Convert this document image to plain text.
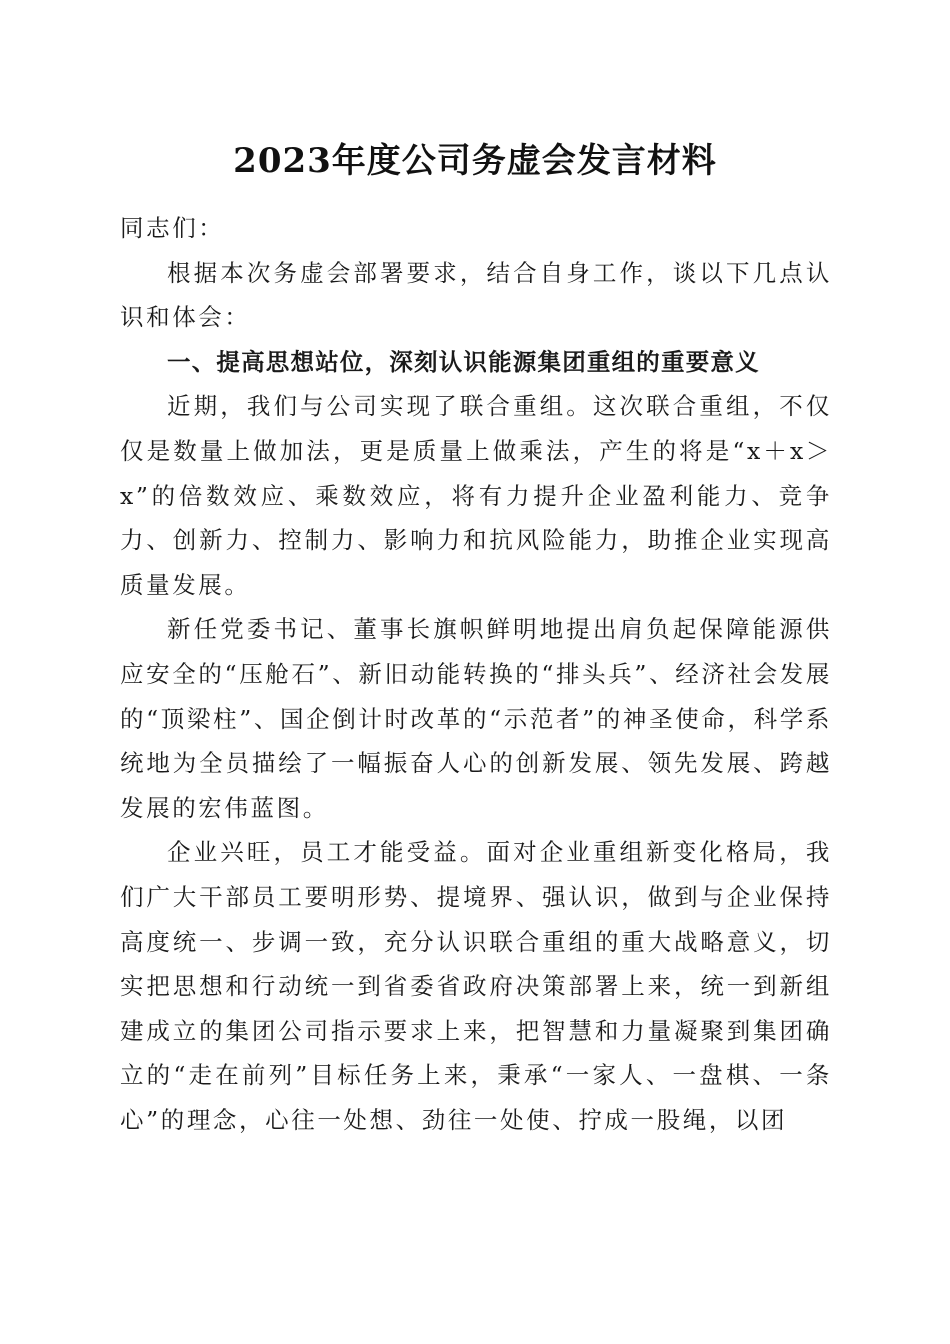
2023年度公司务虚会发言材料

同志们：

根据本次务虚会部署要求，结合自身工作，谈以下几点认识和体会：

一、提高思想站位，深刻认识能源集团重组的重要意义

近期，我们与公司实现了联合重组。这次联合重组，不仅仅是数量上做加法，更是质量上做乘法，产生的将是“x＋x＞x”的倍数效应、乘数效应，将有力提升企业盈利能力、竞争力、创新力、控制力、影响力和抗风险能力，助推企业实现高质量发展。

新任党委书记、董事长旗帜鲜明地提出肩负起保障能源供应安全的“压舱石”、新旧动能转换的“排头兵”、经济社会发展的“顶梁柱”、国企倒计时改革的“示范者”的神圣使命，科学系统地为全员描绘了一幅振奋人心的创新发展、领先发展、跨越发展的宏伟蓝图。

企业兴旺，员工才能受益。面对企业重组新变化格局，我们广大干部员工要明形势、提境界、强认识，做到与企业保持高度统一、步调一致，充分认识联合重组的重大战略意义，切实把思想和行动统一到省委省政府决策部署上来，统一到新组建成立的集团公司指示要求上来，把智慧和力量凝聚到集团确立的“走在前列”目标任务上来，秉承“一家人、一盘棋、一条心”的理念，心往一处想、劲往一处使、拧成一股绳，以团
